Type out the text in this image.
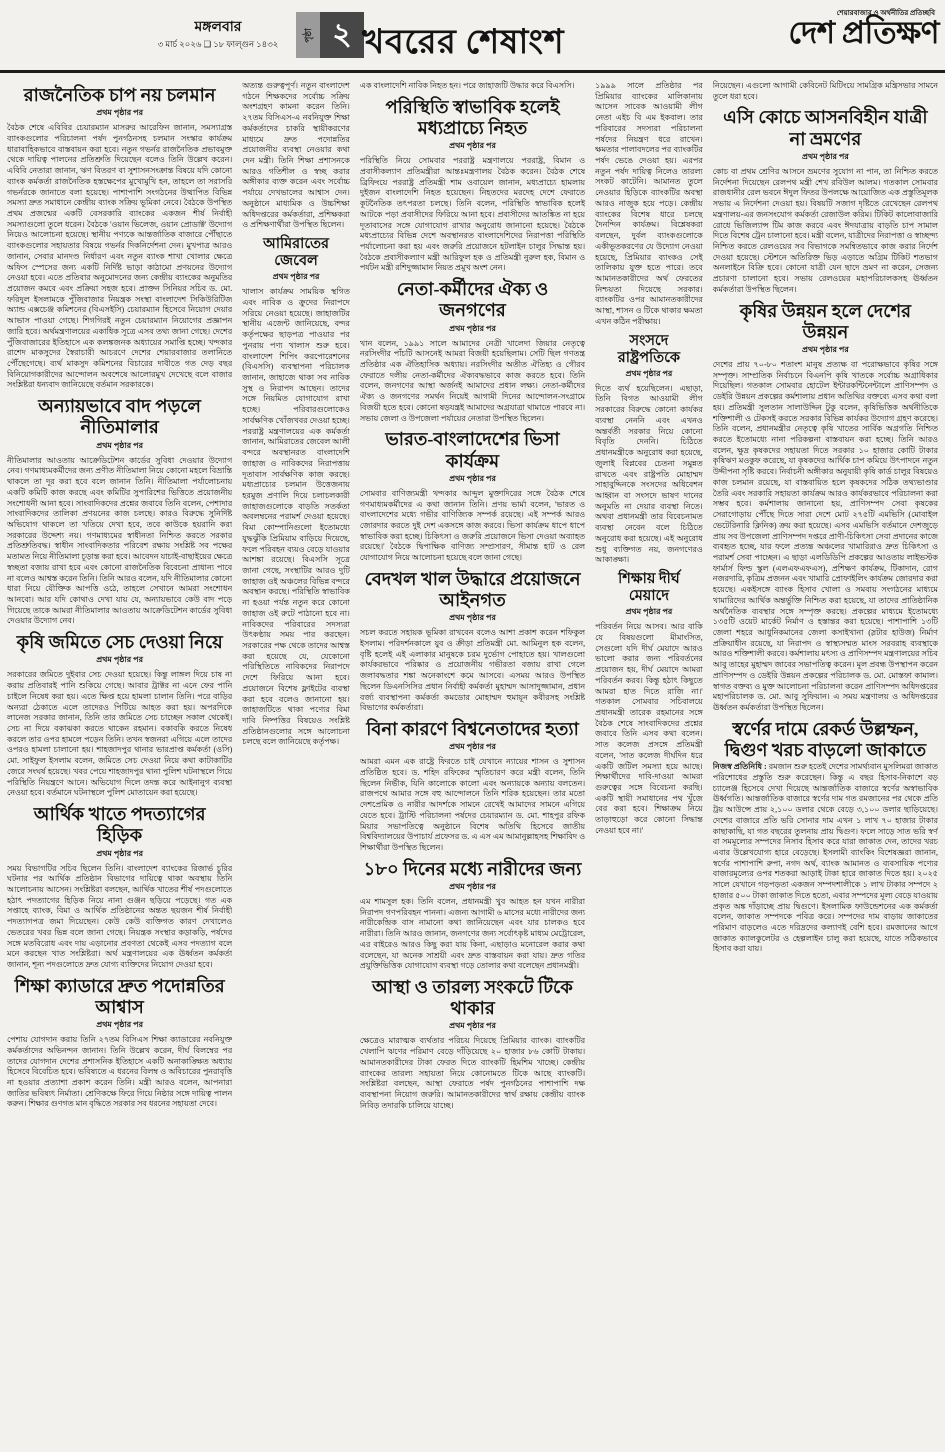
মঙ্গলবার
৩ মার্চ ২০২৬ ❑ ১৮ ফাল্গুন ১৪৩২
পৃষ্ঠা ২ খবরের শেষাংশ
শেয়ারবাজার ও অর্থনীতির প্রতিচ্ছবি
দেশ প্রতিক্ষণ
রাজনৈতিক চাপ নয় চলমান
প্রথম পৃষ্ঠার পর

বৈঠক শেষে এবিবির চেয়ারম্যান মাসরুর আরেফিন জানান, সমস্যাগ্রস্ত ব্যাংকগুলোর পরিচালনা পর্ষদ পুনর্গঠনসহ চলমান সংস্কার কার্যক্রম ধারাবাহিকভাবে বাস্তবায়ন করা হবে। নতুন গভর্নর রাজনৈতিক প্রভাবমুক্ত থেকে দায়িত্ব পালনের প্রতিশ্রুতি দিয়েছেন বলেও তিনি উল্লেখ করেন। এবিবি নেতারা জানান, ঋণ বিতরণ বা সুশাসনসংক্রান্ত বিষয়ে যদি কোনো ব্যাংক কর্মকর্তা রাজনৈতিক হস্তক্ষেপের মুখোমুখি হন, তাহলে তা সরাসরি গভর্নরকে জানাতে বলা হয়েছে। পাশাপাশি সংগঠনের উত্থাপিত বিভিন্ন সমস্যা দ্রুত সমাধানে কেন্দ্রীয় ব্যাংক সক্রিয় ভূমিকা নেবে। বৈঠকে উপস্থিত প্রথম প্রজন্মের একটি বেসরকারি ব্যাংকের একজন শীর্ষ নির্বাহী সমস্যাগুলো তুলে ধরেন। বৈঠকে 'ওয়ান ভিলেজ, ওয়ান প্রোডাক্ট' উদ্যোগ নিয়েও আলোচনা হয়েছে। স্থানীয় পণ্যকে আন্তর্জাতিক বাজারে পৌঁছাতে ব্যাংকগুলোর সহায়তার বিষয়ে গভর্নর দিকনির্দেশনা দেন। মুখপাত্র আরও জানান, সেবার মানদণ্ড নির্ধারণ এবং নতুন ব্যাংক শাখা খোলার ক্ষেত্রে অফিস স্পেসের জন্য একটি নির্দিষ্ট ভাড়া কাঠামো প্রণয়নের উদ্যোগ নেওয়া হবে। এতে প্রতিবার অনুমোদনের জন্য কেন্দ্রীয় ব্যাংকের অনুমতির প্রয়োজন কমবে এবং প্রক্রিয়া সহজ হবে। প্রাক্তন সিনিয়র সচিব ড. মো. ফরিদুল ইসলামকে পুঁজিবাজার নিয়ন্ত্রক সংস্থা বাংলাদেশ সিকিউরিটিজ অ্যান্ড এক্সচেঞ্জ কমিশনের (বিএসইসি) চেয়ারম্যান হিসেবে নিয়োগ দেয়ার আভাস পাওয়া গেছে। শিগগিরই নতুন চেয়ারম্যান নিয়োগের প্রজ্ঞাপন জারি হবে। অর্থমন্ত্রণালয়ের একাধিক সূত্রে এসব তথ্য জানা গেছে। দেশের পুঁজিবাজারের ইতিহাসে এক কলঙ্কজনক অধ্যায়ের সমাপ্তি হচ্ছে। খন্দকার রাশেদ মাকসুদের স্বৈরাচারী আচরণে দেশের শেয়ারবাজার তলানিতে পৌঁছেগেছে। ব্যর্থ মাকসুদ কমিশনের বিচারের দাবীতে গত দেড় বছর বিনিয়োগকারীদের আন্দোলন অবশেষে আলোরমুখ দেখেছে বলে বাজার সংশ্লিষ্টরা ধন্যবাদ জানিয়েছে বর্তমান সরকারকে।

অন্যায়ভাবে বাদ পড়লে নীতিমালার
প্রথম পৃষ্ঠার পর

নীতিমালার আওতায় আক্রেডিটেশন কার্ডের সুবিধা দেওয়ার উদ্যোগ নেব। গণমাধ্যমকর্মীদের জন্য প্রণীত নীতিমালা নিয়ে কোনো মহলে বিভ্রান্তি থাকলে তা দূর করা হবে বলে জানান তিনি। নীতিমালা পর্যালোচনায় একটি কমিটি কাজ করছে এবং কমিটির সুপারিশের ভিত্তিতে প্রয়োজনীয় সংশোধনী আনা হবে। সাংবাদিকদের প্রশ্নের জবাবে তিনি বলেন, পেশাদার সাংবাদিকদের তালিকা প্রণয়নের কাজ চলছে। কারও বিরুদ্ধে সুনির্দিষ্ট অভিযোগ থাকলে তা খতিয়ে দেখা হবে, তবে কাউকে হয়রানি করা সরকারের উদ্দেশ্য নয়। গণমাধ্যমের স্বাধীনতা নিশ্চিত করতে সরকার প্রতিশ্রুতিবদ্ধ। স্বাধীন সাংবাদিকতার পরিবেশ রক্ষায় সংশ্লিষ্ট সব পক্ষের মতামত নিয়ে নীতিমালা চূড়ান্ত করা হবে। আবেদন যাচাই-বাছাইয়ের ক্ষেত্রে স্বচ্ছতা বজায় রাখা হবে এবং কোনো রাজনৈতিক বিবেচনা প্রাধান্য পাবে না বলেও আশ্বস্ত করেন তিনি। তিনি আরও বলেন, যদি নীতিমালার কোনো ধারা নিয়ে যৌক্তিক আপত্তি ওঠে, তাহলে সেখানে আমরা সংশোধন আনবো। আর যদি কোথাও দেখা যায় যে, অন্যায়ভাবে কেউ বাদ পড়ে গিয়েছে তাকে আমরা নীতিমালার আওতায় আক্রেডিটেশন কার্ডের সুবিধা দেওয়ার উদ্যোগ নেব।

কৃষি জমিতে সেচ দেওয়া নিয়ে
প্রথম পৃষ্ঠার পর

সরকারের জমিতে দুইবার সেচ দেওয়া হয়েছে। কিন্তু লাঙ্গল দিয়ে চাষ না করায় প্রতিবারই পানি শুকিয়ে গেছে। আবার ট্রাক্টর না এনে ফের পানি চাইলে নিষেধ করা হয়। এতে ক্ষিপ্ত হয়ে হামলা চালান তিনি। পরে বাড়ির অন্যরা ঠেকাতে এলে তাদেরও পিটিয়ে আহত করা হয়। অপরদিকে লানেজ সরকার জানান, তিনি তার জমিতে সেচ চাচ্ছেন সকাল থেকেই। সেচ না দিয়ে বকাঝকা করতে থাকেন রহমান। বকাবকি করতে নিষেধ করলে তার ওপর হামলে পড়েন তিনি। তখন স্বজনরা এগিয়ে এলে তাদের ওপরও হামলা চালানো হয়। শাহজাদপুর থানার ভারপ্রাপ্ত কর্মকর্তা (ওসি) মো. সাইফুল ইসলাম বলেন, জমিতে সেচ দেওয়া নিয়ে কথা কাটাকাটির জেরে সংঘর্ষ হয়েছে। খবর পেয়ে শাহজাদপুর থানা পুলিশ ঘটনাস্থলে গিয়ে পরিস্থিতি নিয়ন্ত্রণে আনে। অভিযোগ দিলে তদন্ত করে আইনানুগ ব্যবস্থা নেওয়া হবে। বর্তমানে ঘটনাস্থলে পুলিশ মোতায়েন করা হয়েছে।

আর্থিক খাতে পদত্যাগের হিড়িক
প্রথম পৃষ্ঠার পর

সময় বিভাগটির সচিব ছিলেন তিনি। বাংলাদেশ ব্যাংকের রিজার্ভ চুরির ঘটনার পর আর্থিক প্রতিষ্ঠান বিভাগের দায়িত্বে থাকা অবস্থায় তিনি আলোচনায় আসেন। সংশ্লিষ্টরা বলছেন, আর্থিক খাতের শীর্ষ পদগুলোতে হঠাৎ পদত্যাগের হিড়িক নিয়ে নানা গুঞ্জন ছড়িয়ে পড়েছে। গত এক সপ্তাহে ব্যাংক, বিমা ও আর্থিক প্রতিষ্ঠানের অন্তত ছয়জন শীর্ষ নির্বাহী পদত্যাগপত্র জমা দিয়েছেন। কেউ কেউ ব্যক্তিগত কারণ দেখালেও ভেতরের খবর ভিন্ন বলে জানা গেছে। নিয়ন্ত্রক সংস্থার কড়াকড়ি, পর্ষদের সঙ্গে মতবিরোধ এবং দায় এড়ানোর প্রবণতা থেকেই এসব পদত্যাগ বলে মনে করছেন খাত সংশ্লিষ্টরা। অর্থ মন্ত্রণালয়ের এক ঊর্ধ্বতন কর্মকর্তা জানান, শূন্য পদগুলোতে দ্রুত যোগ্য ব্যক্তিদের নিয়োগ দেওয়া হবে।

শিক্ষা ক্যাডারে দ্রুত পদোন্নতির আশ্বাস
প্রথম পৃষ্ঠার পর

পেশায় যোগদান করায় তিনি ২৭তম বিসিএস শিক্ষা ক্যাডারের নবনিযুক্ত কর্মকর্তাদের অভিনন্দন জানান। তিনি উল্লেখ করেন, দীর্ঘ বিলম্বের পর তাদের যোগদান দেশের প্রশাসনিক ইতিহাসে একটি অনাকাঙ্ক্ষিত অধ্যায় হিসেবে বিবেচিত হবে। ভবিষ্যতে এ ধরনের বিলম্ব ও অবিচারের পুনরাবৃত্তি না হওয়ার প্রত্যাশা প্রকাশ করেন তিনি। মন্ত্রী আরও বলেন, আপনারা জাতির ভবিষ্যৎ নির্মাতা। শ্রেণিকক্ষে ফিরে গিয়ে নিষ্ঠার সঙ্গে দায়িত্ব পালন করুন। শিক্ষার গুণগত মান বৃদ্ধিতে সরকার সব ধরনের সহায়তা দেবে।

অত্যন্ত গুরুত্বপূর্ণ। নতুন বাংলাদেশ গঠনে শিক্ষকদের সর্বোচ্চ সক্রিয় অংশগ্রহণ কামনা করেন তিনি। ২৭তম বিসিএস-এ নবনিযুক্ত শিক্ষা কর্মকর্তাদের চাকরি স্থায়ীকরণের মাধ্যমে দ্রুত পদোন্নতির প্রয়োজনীয় ব্যবস্থা নেওয়ার কথা দেন মন্ত্রী। তিনি শিক্ষা প্রশাসনকে আরও গতিশীল ও স্বচ্ছ করার অঙ্গীকার ব্যক্ত করেন এবং সর্বোচ্চ পর্যায়ে দেখভালের আশ্বাস দেন। অনুষ্ঠানে মাধ্যমিক ও উচ্চশিক্ষা অধিদপ্তরের কর্মকর্তারা, প্রশিক্ষকরা ও প্রশিক্ষণার্থীরা উপস্থিত ছিলেন।

আমিরাতের জেবেল
প্রথম পৃষ্ঠার পর

খালাস কার্যক্রম সাময়িক স্থগিত এবং নাবিক ও ক্রুদের নিরাপদে সরিয়ে নেওয়া হয়েছে। জাহাজটির স্থানীয় এজেন্ট জানিয়েছে, বন্দর কর্তৃপক্ষের ছাড়পত্র পাওয়ার পর পুনরায় পণ্য খালাস শুরু হবে। বাংলাদেশ শিপিং করপোরেশনের (বিএসসি) ব্যবস্থাপনা পরিচালক জানান, জাহাজে থাকা সব নাবিক সুস্থ ও নিরাপদ আছেন। তাদের সঙ্গে নিয়মিত যোগাযোগ রাখা হচ্ছে। পরিবারগুলোকেও সার্বক্ষণিক খোঁজখবর দেওয়া হচ্ছে। পররাষ্ট্র মন্ত্রণালয়ের এক কর্মকর্তা জানান, আমিরাতের জেবেল আলী বন্দরে অবস্থানরত বাংলাদেশি জাহাজ ও নাবিকদের নিরাপত্তায় দূতাবাস সার্বক্ষণিক কাজ করছে। মধ্যপ্রাচ্যের চলমান উত্তেজনায় হরমুজ প্রণালি দিয়ে চলাচলকারী জাহাজগুলোকে বাড়তি সতর্কতা অবলম্বনের পরামর্শ দেওয়া হয়েছে। বিমা কোম্পানিগুলো ইতোমধ্যে যুদ্ধঝুঁকি প্রিমিয়াম বাড়িয়ে দিয়েছে, ফলে পরিবহন ব্যয়ও বেড়ে যাওয়ার আশঙ্কা রয়েছে। বিএসসি সূত্রে জানা গেছে, সংস্থাটির আরও দুটি জাহাজ ওই অঞ্চলের বিভিন্ন বন্দরে অবস্থান করছে। পরিস্থিতি স্বাভাবিক না হওয়া পর্যন্ত নতুন করে কোনো জাহাজ ওই রুটে পাঠানো হবে না। নাবিকদের পরিবারের সদস্যরা উৎকণ্ঠায় সময় পার করছেন। সরকারের পক্ষ থেকে তাদের আশ্বস্ত করা হয়েছে যে, যেকোনো পরিস্থিতিতে নাবিকদের নিরাপদে দেশে ফিরিয়ে আনা হবে। প্রয়োজনে বিশেষ ফ্লাইটের ব্যবস্থা করা হবে বলেও জানানো হয়। জাহাজটিতে থাকা পণ্যের বিমা দাবি নিষ্পত্তির বিষয়েও সংশ্লিষ্ট প্রতিষ্ঠানগুলোর সঙ্গে আলোচনা চলছে বলে জানিয়েছে কর্তৃপক্ষ।

এক বাংলাদেশি নাবিক নিহত হন। পরে জাহাজটি উদ্ধার করে বিএসসি।

পরিস্থিতি স্বাভাবিক হলেই মধ্যপ্রাচ্যে নিহত
প্রথম পৃষ্ঠার পর

পরিস্থিতি নিয়ে সোমবার পররাষ্ট্র মন্ত্রণালয়ে পররাষ্ট্র, বিমান ও প্রবাসীকল্যাণ প্রতিমন্ত্রীরা আন্তঃমন্ত্রণালয় বৈঠক করেন। বৈঠক শেষে ব্রিফিংয়ে পররাষ্ট্র প্রতিমন্ত্রী শাম ওবায়েল জানান, মধ্যপ্রাচ্যে হামলায় দুইজন বাংলাদেশি নিহত হয়েছেন। নিহতদের মরদেহ দেশে ফেরাতে কূটনৈতিক তৎপরতা চলছে। তিনি বলেন, পরিস্থিতি স্বাভাবিক হলেই আটকে পড়া প্রবাসীদের ফিরিয়ে আনা হবে। প্রবাসীদের আতঙ্কিত না হয়ে দূতাবাসের সঙ্গে যোগাযোগ রাখার অনুরোধ জানানো হয়েছে। বৈঠকে মধ্যপ্রাচ্যের বিভিন্ন দেশে অবস্থানরত বাংলাদেশিদের নিরাপত্তা পরিস্থিতি পর্যালোচনা করা হয় এবং জরুরি প্রয়োজনে হটলাইন চালুর সিদ্ধান্ত হয়। বৈঠকে প্রবাসীকল্যাণ মন্ত্রী আরিফুল হক ও প্রতিমন্ত্রী নুরুল হক, বিমান ও পর্যটন মন্ত্রী রশিদুজ্জামান নিয়ত প্রমুখ অংশ নেন।

নেতা-কর্মীদের ঐক্য ও জনগণের
প্রথম পৃষ্ঠার পর

খান বলেন, ১৯৯১ সালে আমাদের নেত্রী খালেদা জিয়ার নেতৃত্বে নরসিংদীর পাঁচটি আসনেই আমরা বিজয়ী হয়েছিলাম। সেটি ছিল গণতন্ত্র প্রতিষ্ঠার এক ঐতিহাসিক অধ্যায়। নরসিংদীর অতীত ঐতিহ্য ও গৌরব ফেরাতে দলীয় নেতা-কর্মীদের ঐক্যবদ্ধভাবে কাজ করতে হবে। তিনি বলেন, জনগণের আস্থা অর্জনই আমাদের প্রধান লক্ষ্য। নেতা-কর্মীদের ঐক্য ও জনগণের সমর্থন নিয়েই আগামী দিনের আন্দোলন-সংগ্রামে বিজয়ী হতে হবে। কোনো ষড়যন্ত্রই আমাদের অগ্রযাত্রা থামাতে পারবে না। সভায় জেলা ও উপজেলা পর্যায়ের নেতারা উপস্থিত ছিলেন।

ভারত-বাংলাদেশের ভিসা কার্যক্রম
প্রথম পৃষ্ঠার পর

সোমবার বাণিজ্যমন্ত্রী খন্দকার আব্দুল মুক্তাদিরের সঙ্গে বৈঠক শেষে গণমাধ্যমকর্মীদের এ কথা জানান তিনি। প্রণয় ভার্মা বলেন, 'ভারত ও বাংলাদেশের মধ্যে গভীর বাণিজ্যিক সম্পর্ক রয়েছে। এই সম্পর্ক আরও জোরদার করতে দুই দেশ একসঙ্গে কাজ করবে। ভিসা কার্যক্রম ধাপে ধাপে স্বাভাবিক করা হচ্ছে। চিকিৎসা ও জরুরি প্রয়োজনে ভিসা দেওয়া অব্যাহত রয়েছে।' বৈঠকে দ্বিপাক্ষিক বাণিজ্য সম্প্রসারণ, সীমান্ত হাট ও রেল যোগাযোগ নিয়ে আলোচনা হয়েছে বলে জানা গেছে।

বেদখল খাল উদ্ধারে প্রয়োজনে আইনগত
প্রথম পৃষ্ঠার পর

সচল করতে সহায়ক ভূমিকা রাখবেন বলেও আশা প্রকাশ করেন শফিকুল ইসলাম। পরিদর্শনকালে যুব ও ক্রীড়া প্রতিমন্ত্রী মো. আমিনুল হক বলেন, বৃষ্টি হলেই এই এলাকার মানুষকে চরম দুর্ভোগ পোহাতে হয়। খালগুলো কার্যকরভাবে পরিষ্কার ও প্রয়োজনীয় গভীরতা বজায় রাখা গেলে জলাবদ্ধতার শঙ্কা অনেকাংশে কমে আসবে। এসময় আরও উপস্থিত ছিলেন ডিএনসিসির প্রধান নির্বাহী কর্মকর্তা মুহাম্মদ আসাদুজ্জামান, প্রধান বর্জ্য ব্যবস্থাপনা কর্মকর্তা কমডোর মোহাম্মদ হুমায়ূন কবীরসহ সংশ্লিষ্ট বিভাগের কর্মকর্তারা।

বিনা কারণে বিশ্বনেতাদের হত্যা
প্রথম পৃষ্ঠার পর

আমরা এমন এক রাষ্ট্রে ফিরতে চাই যেখানে ন্যায়ের শাসন ও সুশাসন প্রতিষ্ঠিত হবে। ড. শহিদ রফিকের স্মৃতিচারণ করে মন্ত্রী বলেন, তিনি ছিলেন নির্ভীক, যিনি কালোকে কালো এবং অন্যায়কে অন্যায় বলতেন। রাজপথে আমার সঙ্গে বহু আন্দোলনে তিনি শরিক হয়েছেন। তার মতো দেশপ্রেমিক ও নারীর আদর্শকে সামনে রেখেই আমাদের সামনে এগিয়ে যেতে হবে। ট্রাস্টি পরিচালনা পর্ষদের চেয়ারম্যান ড. মো. শাহপুর রফিক মিয়ার সভাপতিত্বে অনুষ্ঠানে বিশেষ অতিথি হিসেবে জাতীয় বিশ্ববিদ্যালয়ের উপাচার্য প্রফেসর ড. এ এস এম আমানুল্লাহসহ শিক্ষাবিদ ও শিক্ষার্থীরা উপস্থিত ছিলেন।

১৮০ দিনের মধ্যে নারীদের জন্য
প্রথম পৃষ্ঠার পর

এম শামসুল হক। তিনি বলেন, প্রধানমন্ত্রী খুব আহত হন যখন নারীরা নিরাপদ গণপরিবহন পাননা। এজন্য আগামী ৬ মাসের মধ্যে নারীদের জন্য নারীকেন্দ্রিক বাস নামানো কথা জানিয়েছেন এবং যার চালকও হবে নারীরা। তিনি আরও জানান, জনগণের জন্য সর্বোৎকৃষ্ট মাধ্যম মেট্রোরেল, এর বাইরেও আরও কিছু করা যায় কিনা, এছাড়াও মনোরেল করার কথা বলেছেন, যা অনেক সাশ্রয়ী এবং দ্রুত বাস্তবায়ন করা যায়। দ্রুত গতির প্রযুক্তিভিত্তিক যোগাযোগ ব্যবস্থা গড়ে তোলার কথা বলেছেন প্রধানমন্ত্রী।

আস্থা ও তারল্য সংকটে টিকে থাকার
প্রথম পৃষ্ঠার পর

ক্ষেত্রেও মারাত্মক ব্যর্থতার পরিচয় দিয়েছে প্রিমিয়ার ব্যাংক। ব্যাংকটির খেলাপি ঋণের পরিমাণ বেড়ে দাঁড়িয়েছে ২০ হাজার ৮৬ কোটি টাকায়। আমানতকারীদের টাকা ফেরত দিতে ব্যাংকটি হিমশিম খাচ্ছে। কেন্দ্রীয় ব্যাংকের তারল্য সহায়তা নিয়ে কোনোমতে টিকে আছে ব্যাংকটি। সংশ্লিষ্টরা বলছেন, আস্থা ফেরাতে পর্ষদ পুনর্গঠনের পাশাপাশি দক্ষ ব্যবস্থাপনা নিয়োগ জরুরি। আমানতকারীদের স্বার্থ রক্ষায় কেন্দ্রীয় ব্যাংক নিবিড় তদারকি চালিয়ে যাচ্ছে।

১৯৯৯ সালে প্রতিষ্ঠার পর প্রিমিয়ার ব্যাংকের মালিকানায় আসেন সাবেক আওয়ামী লীগ নেতা এইচ বি এম ইকবাল। তার পরিবারের সদস্যরা পরিচালনা পর্ষদের নিয়ন্ত্রণ ধরে রাখেন। ক্ষমতার পালাবদলের পর ব্যাংকটির পর্ষদ ভেঙে দেওয়া হয়। এরপর নতুন পর্ষদ দায়িত্ব নিলেও তারল্য সংকট কাটেনি। আমানত তুলে নেওয়ার হিড়িকে ব্যাংকটির অবস্থা আরও নাজুক হয়ে পড়ে। কেন্দ্রীয় ব্যাংকের বিশেষ ধারে চলছে দৈনন্দিন কার্যক্রম। বিশ্লেষকরা বলছেন, দুর্বল ব্যাংকগুলোকে একীভূতকরণের যে উদ্যোগ নেওয়া হয়েছে, প্রিমিয়ার ব্যাংকও সেই তালিকায় যুক্ত হতে পারে। তবে আমানতকারীদের অর্থ ফেরতের নিশ্চয়তা দিয়েছে সরকার। ব্যাংকটির ওপর আমানতকারীদের আস্থা, শাসন ও টিকে থাকার ক্ষমতা এখন কঠিন পরীক্ষায়।

সংসদে রাষ্ট্রপতিকে
প্রথম পৃষ্ঠার পর

দিতে ব্যর্থ হয়েছিলেন। এছাড়া, তিনি বিগত আওয়ামী লীগ সরকারের বিরুদ্ধে কোনো কার্যকর ব্যবস্থা নেননি এবং এখনও অন্তর্বর্তী সরকার নিয়ে কোনো বিবৃতি দেননি। চিঠিতে প্রধানমন্ত্রীকে অনুরোধ করা হয়েছে, জুলাই বিপ্লবের চেতনা সমুন্নত রাখতে এবং রাষ্ট্রপতি মোহাম্মদ সাহাবুদ্দিনকে সংসদের অধিবেশন আহ্বান বা সংসদে ভাষণ দানের অনুমতি না দেয়ার ব্যবস্থা নিতে। অথবা প্রধানমন্ত্রী তার বিবেচনামত ব্যবস্থা নেবেন বলে চিঠিতে অনুরোধ করা হয়েছে। এই অনুরোধ শুধু ব্যক্তিগত নয়, জনগণেরও আকাঙ্ক্ষা।

শিক্ষায় দীর্ঘ মেয়াদে
প্রথম পৃষ্ঠার পর

পরিবর্তন নিয়ে আসব। আর বাকি যে বিষয়গুলো মীমাংসিত, সেগুলো যদি দীর্ঘ মেয়াদে আরও ভালো করার জন্য পরিবর্তনের প্রয়োজন হয়, দীর্ঘ মেয়াদে আমরা পরিবর্তন করব। কিন্তু হঠাৎ কিছুতে আমরা হাত দিতে রাজি না।' গতকাল সোমবার সচিবালয়ে প্রধানমন্ত্রী তারেক রহমানের সঙ্গে বৈঠক শেষে সাংবাদিকদের প্রশ্নের জবাবে তিনি এসব কথা বলেন। সাত কলেজ প্রসঙ্গে প্রতিমন্ত্রী বলেন, 'সাত কলেজ দীর্ঘদিন ধরে একটি জটিল সমস্যা হয়ে আছে। শিক্ষার্থীদের দাবি-দাওয়া আমরা গুরুত্বের সঙ্গে বিবেচনা করছি। একটি স্থায়ী সমাধানের পথ খুঁজে বের করা হবে। শিক্ষাক্রম নিয়ে তাড়াহুড়ো করে কোনো সিদ্ধান্ত নেওয়া হবে না।'

নিয়েছেন। এগুলো আগামী কেবিনেট মিটিংয়ে সামগ্রিক মন্ত্রিসভার সামনে তুলে ধরা হবে।

এসি কোচে আসনবিহীন যাত্রী না ভ্রমণের
প্রথম পৃষ্ঠার পর

কোচ বা প্রথম শ্রেণির আসনে ভ্রমণের সুযোগ না পান, তা নিশ্চিত করতে নির্দেশনা দিয়েছেন রেলপথ মন্ত্রী শেখ রবিউল আলম। গতকাল সোমবার রাজধানীর রেল ভবনে ঈদুল ফিতর উপলক্ষে আয়োজিত এক প্রস্তুতিমূলক সভায় এ নির্দেশনা দেওয়া হয়। বিষয়টি সজাগ দৃষ্টিতে রেখেছেন রেলপথ মন্ত্রণালয়-এর জনসংযোগ কর্মকর্তা রেজাউল করিম। টিকিট কালোবাজারি রোধে ভিজিল্যান্স টিম কাজ করবে এবং ঈদযাত্রায় বাড়তি চাপ সামাল দিতে বিশেষ ট্রেন চালানো হবে। মন্ত্রী বলেন, যাত্রীদের নিরাপত্তা ও স্বাচ্ছন্দ্য নিশ্চিত করতে রেলওয়ের সব বিভাগকে সমন্বিতভাবে কাজ করার নির্দেশ দেওয়া হয়েছে। স্টেশনে অতিরিক্ত ভিড় এড়াতে অগ্রিম টিকিট শতভাগ অনলাইনে বিক্রি হবে। কোনো যাত্রী যেন ছাদে ভ্রমণ না করেন, সেজন্য প্রচারণা চালানো হবে। সভায় রেলওয়ের মহাপরিচালকসহ ঊর্ধ্বতন কর্মকর্তারা উপস্থিত ছিলেন।

কৃষির উন্নয়ন হলে দেশের উন্নয়ন
প্রথম পৃষ্ঠার পর

দেশের প্রায় ৭০-৮০ শতাংশ মানুষ প্রত্যক্ষ বা পরোক্ষভাবে কৃষির সঙ্গে সম্পৃক্ত। সাম্প্রতিক নির্বাচনে বিএনপি কৃষি খাতকে সর্বোচ্চ অগ্রাধিকার দিয়েছিল। গতকাল সোমবার হোটেল ইন্টারকন্টিনেন্টালে প্রাণিসম্পদ ও ডেইরি উন্নয়ন প্রকল্পের কর্মশালায় প্রধান অতিথির বক্তব্যে এসব কথা বলা হয়। প্রতিমন্ত্রী সুলতান সালাউদ্দিন টুকু বলেন, কৃষিভিত্তিক অর্থনীতিকে শক্তিশালী ও টেকসই করতে সরকার বিভিন্ন কার্যকর উদ্যোগ গ্রহণ করেছে। তিনি বলেন, প্রধানমন্ত্রীর নেতৃত্বে কৃষি খাতের সার্বিক অগ্রগতি নিশ্চিত করতে ইতোমধ্যে নানা পরিকল্পনা বাস্তবায়ন করা হচ্ছে। তিনি আরও বলেন, ক্ষুদ্র কৃষকদের সহায়তা দিতে সরকার ১০ হাজার কোটি টাকার কৃষিঋণ মওকুফ করেছে, যা কৃষকদের আর্থিক চাপ কমিয়ে উৎপাদনে নতুন উদ্দীপনা সৃষ্টি করবে। নির্বাচনী অঙ্গীকার অনুযায়ী কৃষি কার্ড চালুর বিষয়েও কাজ চলমান রয়েছে, যা বাস্তবায়িত হলে কৃষকদের সঠিক তথ্যভাণ্ডার তৈরি এবং সরকারি সহায়তা কার্যক্রম আরও কার্যকরভাবে পরিচালনা করা সম্ভব হবে। কর্মশালায় জানানো হয়, প্রাণিসম্পদ সেবা কৃষকের সেরাগোড়ায় পৌঁছে দিতে সারা দেশে মোট ২৭৫টি এমভিসি (মোবাইল ভেটেরিনারি ক্লিনিক) ক্রয় করা হয়েছে। এসব এমভিসি বর্তমানে দেশজুড়ে প্রায় সব উপজেলা প্রাণিসম্পদ দপ্তরে প্রাণী-চিকিৎসা সেবা প্রদানের কাজে ব্যবহৃত হচ্ছে, যার ফলে প্রত্যন্ত অঞ্চলের খামারিরাও দ্রুত চিকিৎসা ও পরামর্শ সেবা পাচ্ছেন। এ ছাড়া এলডিডিপি প্রকল্পের আওতায় লাইভস্টক ফার্মার্স ফিল্ড স্কুল (এলএফএফএস), প্রশিক্ষণ কার্যক্রম, টিকাদান, রোগ নজরদারি, কৃত্রিম প্রজনন এবং খামারি প্রোফাইলিং কার্যক্রম জোরদার করা হয়েছে। একইসঙ্গে ব্যাংক হিসাব খোলা ও সমবায় সংগঠনের মাধ্যমে খামারিদের আর্থিক অন্তর্ভুক্তি নিশ্চিত করা হয়েছে, যা তাদের প্রাতিষ্ঠানিক অর্থনৈতিক ব্যবস্থার সঙ্গে সম্পৃক্ত করছে। প্রকল্পের মাধ্যমে ইতোমধ্যে ১৩৫টি ওয়েট মার্কেট নির্মাণ ও হস্তান্তর করা হয়েছে। পাশাপাশি ১৩টি জেলা শহরে আধুনিকমানের জেলা কসাইখানা (স্লটার হাউজ) নির্মাণ প্রক্রিয়াধীন রয়েছে, যা নিরাপদ ও স্বাস্থ্যসম্মত মাংস সরবরাহ ব্যবস্থাকে আরও শক্তিশালী করবে। কর্মশালায় মৎস্য ও প্রাণিসম্পদ মন্ত্রণালয়ের সচিব আবু তাহের মুহাম্মদ জাবের সভাপতিত্ব করেন। মূল প্রবন্ধ উপস্থাপন করেন প্রাণিসম্পদ ও ডেইরি উন্নয়ন প্রকল্পের পরিচালক ড. মো. মোস্তফা কামাল। স্বাগত বক্তব্য ও মুক্ত আলোচনা পরিচালনা করেন প্রাণিসম্পদ অধিদপ্তরের মহাপরিচালক ড. মো. আবু সুফিয়ান। এ সময় মন্ত্রণালয় ও অধিদপ্তরের ঊর্ধ্বতন কর্মকর্তারা উপস্থিত ছিলেন।

স্বর্ণের দামে রেকর্ড উল্লম্ফন, দ্বিগুণ খরচ বাড়লো জাকাতে

নিজস্ব প্রতিনিধি : রমজান শুরু হতেই দেশের সামর্থ্যবান মুসলিমরা জাকাত পরিশোধের প্রস্তুতি শুরু করেছেন। কিন্তু এ বছর হিসাব-নিকাশে বড় চ্যালেঞ্জ হিসেবে দেখা দিয়েছে আন্তর্জাতিক বাজারে স্বর্ণের অস্বাভাবিক ঊর্ধ্বগতি। আন্তর্জাতিক বাজারে স্বর্ণের দাম গত রমজানের পর থেকে প্রতি ট্রয় আউন্সে প্রায় ২,১০০ ডলার থেকে বেড়ে ৩,১০০ ডলার ছাড়িয়েছে। দেশের বাজারে প্রতি ভরি সোনার দাম এখন ১ লাখ ৭০ হাজার টাকার কাছাকাছি, যা গত বছরের তুলনায় প্রায় দ্বিগুণ। ফলে সাড়ে সাত ভরি স্বর্ণ বা সমমূল্যের সম্পদের নিসাব হিসাব করে যারা জাকাত দেন, তাদের খরচ এবার উল্লেখযোগ্য হারে বেড়েছে। ইসলামী ব্যাংকিং বিশেষজ্ঞরা জানান, স্বর্ণের পাশাপাশি রুপা, নগদ অর্থ, ব্যাংক আমানত ও ব্যবসায়িক পণ্যের বাজারমূল্যের ওপর শতকরা আড়াই টাকা হারে জাকাত দিতে হয়। ২০২৫ সালে যেখানে গড়পড়তা একজন সম্পদশালীকে ১ লাখ টাকার সম্পদে ২ হাজার ৫০০ টাকা জাকাত দিতে হতো, এবার সম্পদের মূল্য বেড়ে যাওয়ায় প্রকৃত অঙ্ক দাঁড়াচ্ছে প্রায় দ্বিগুণে। ইসলামিক ফাউন্ডেশনের এক কর্মকর্তা বলেন, জাকাত সম্পদকে পবিত্র করে। সম্পদের দাম বাড়ায় জাকাতের পরিমাণ বাড়লেও এতে দরিদ্রদের কল্যাণই বেশি হবে। রমজানের আগে জাকাত ক্যালকুলেটর ও হেল্পলাইন চালু করা হয়েছে, যাতে সঠিকভাবে হিসাব করা যায়।
